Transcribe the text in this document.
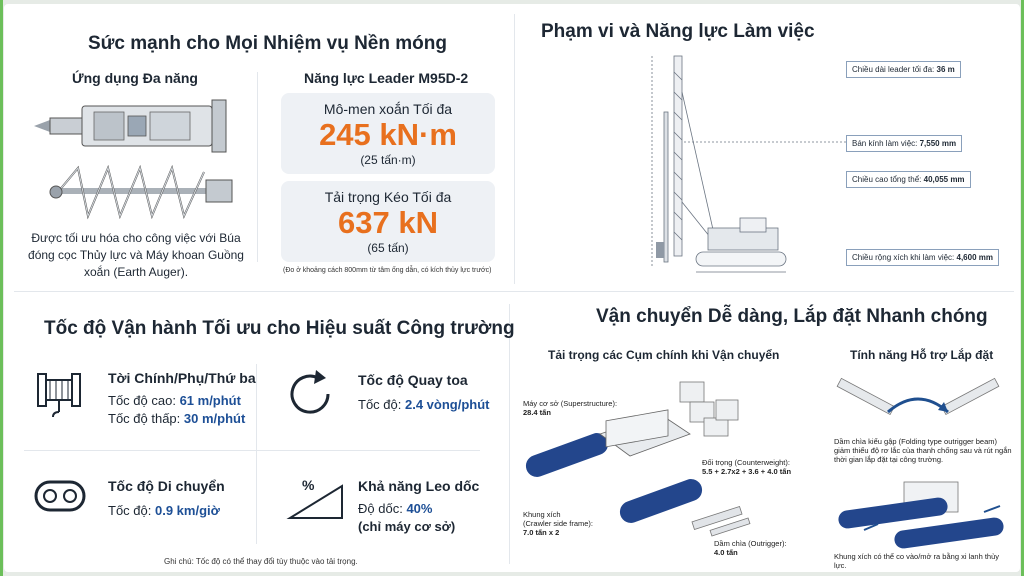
Sức mạnh cho Mọi Nhiệm vụ Nền móng
Ứng dụng Đa năng	Năng lực Leader M95D-2
Được tối ưu hóa cho công việc với Búa đóng cọc Thủy lực và Máy khoan Guồng xoắn (Earth Auger).
Mô-men xoắn Tối đa
245 kN·m
(25 tấn·m)
Tải trọng Kéo Tối đa
637 kN
(65 tấn)
(Đo ở khoảng cách 800mm từ tâm ống dẫn, có kích thủy lực trước)
Phạm vi và Năng lực Làm việc
Chiều dài leader tối đa: 36 m
Bán kính làm việc: 7,550 mm
Chiều cao tổng thể: 40,055 mm
Chiều rộng xích khi làm việc: 4,600 mm
Tốc độ Vận hành Tối ưu cho Hiệu suất Công trường
Tời Chính/Phụ/Thứ ba
Tốc độ cao: 61 m/phút
Tốc độ thấp: 30 m/phút
Tốc độ Quay toa
Tốc độ: 2.4 vòng/phút
Tốc độ Di chuyển
Tốc độ: 0.9 km/giờ
%	Khả năng Leo dốc
Độ dốc: 40%
(chỉ máy cơ sở)
Ghi chú: Tốc độ có thể thay đổi tùy thuộc vào tải trọng.
Vận chuyển Dễ dàng, Lắp đặt Nhanh chóng
Tải trọng các Cụm chính khi Vận chuyển	Tính năng Hỗ trợ Lắp đặt
Máy cơ sở (Superstructure):
28.4 tấn
Đối trọng (Counterweight):
5.5 + 2.7x2 + 3.6 + 4.0 tấn
Khung xích
(Crawler side frame):
7.0 tấn x 2
Dầm chìa (Outrigger):
4.0 tấn
Dầm chìa kiểu gập (Folding type outrigger beam) giảm thiểu độ rơ lắc của thanh chống sau và rút ngắn thời gian lắp đặt tại công trường.
Khung xích có thể co vào/mở ra bằng xi lanh thủy lực.
